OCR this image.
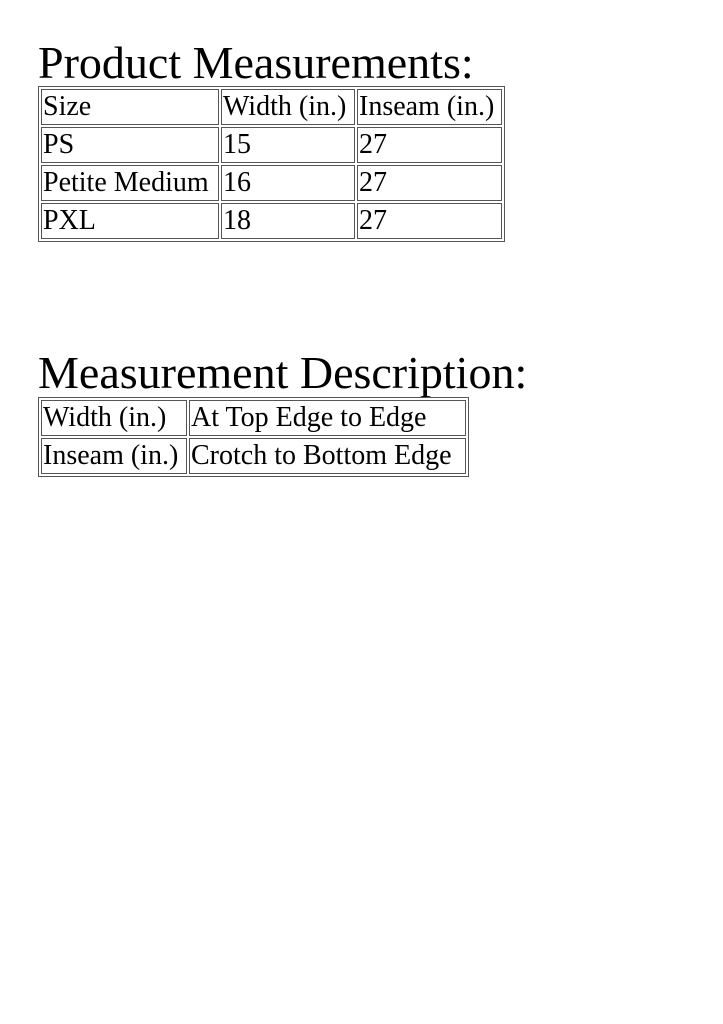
Product Measurements:
Size	Width (in.)	Inseam (in.)
PS	15	27
Petite Medium	16	27
PXL	18	27
Measurement Description:
Width (in.)	At Top Edge to Edge
Inseam (in.)	Crotch to Bottom Edge
